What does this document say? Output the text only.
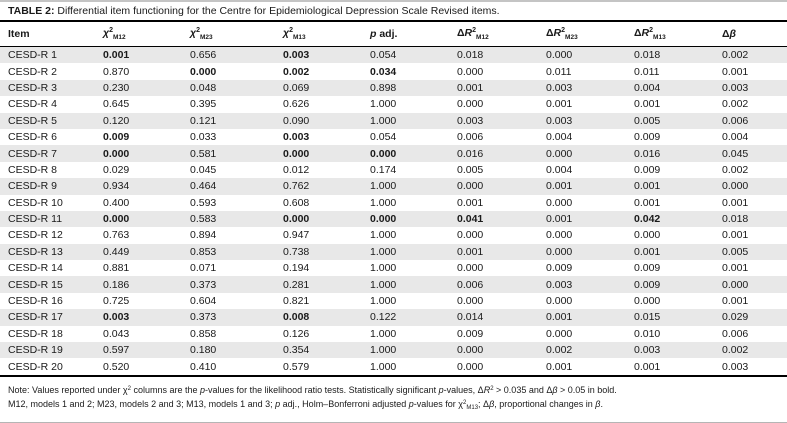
TABLE 2: Differential item functioning for the Centre for Epidemiological Depression Scale Revised items.
Item	$\chi^2_{M12}$	$\chi^2_{M23}$	$\chi^2_{M13}$	p adj.	$\Delta R^2_{M12}$	$\Delta R^2_{M23}$	$\Delta R^2_{M13}$	Δβ
CESD-R 1	0.001	0.656	0.003	0.054	0.018	0.000	0.018	0.002
CESD-R 2	0.870	0.000	0.002	0.034	0.000	0.011	0.011	0.001
CESD-R 3	0.230	0.048	0.069	0.898	0.001	0.003	0.004	0.003
CESD-R 4	0.645	0.395	0.626	1.000	0.000	0.001	0.001	0.002
CESD-R 5	0.120	0.121	0.090	1.000	0.003	0.003	0.005	0.006
CESD-R 6	0.009	0.033	0.003	0.054	0.006	0.004	0.009	0.004
CESD-R 7	0.000	0.581	0.000	0.000	0.016	0.000	0.016	0.045
CESD-R 8	0.029	0.045	0.012	0.174	0.005	0.004	0.009	0.002
CESD-R 9	0.934	0.464	0.762	1.000	0.000	0.001	0.001	0.000
CESD-R 10	0.400	0.593	0.608	1.000	0.001	0.000	0.001	0.001
CESD-R 11	0.000	0.583	0.000	0.000	0.041	0.001	0.042	0.018
CESD-R 12	0.763	0.894	0.947	1.000	0.000	0.000	0.000	0.001
CESD-R 13	0.449	0.853	0.738	1.000	0.001	0.000	0.001	0.005
CESD-R 14	0.881	0.071	0.194	1.000	0.000	0.009	0.009	0.001
CESD-R 15	0.186	0.373	0.281	1.000	0.006	0.003	0.009	0.000
CESD-R 16	0.725	0.604	0.821	1.000	0.000	0.000	0.000	0.001
CESD-R 17	0.003	0.373	0.008	0.122	0.014	0.001	0.015	0.029
CESD-R 18	0.043	0.858	0.126	1.000	0.009	0.000	0.010	0.006
CESD-R 19	0.597	0.180	0.354	1.000	0.000	0.002	0.003	0.002
CESD-R 20	0.520	0.410	0.579	1.000	0.000	0.001	0.001	0.003
Note: Values reported under $\chi^2$ columns are the p-values for the likelihood ratio tests. Statistically significant p-values, $\Delta R^2 > 0.035$ and Δβ > 0.05 in bold.
M12, models 1 and 2; M23, models 2 and 3; M13, models 1 and 3; p adj., Holm–Bonferroni adjusted p-values for $\chi^2_{M13}$; Δβ, proportional changes in β.
